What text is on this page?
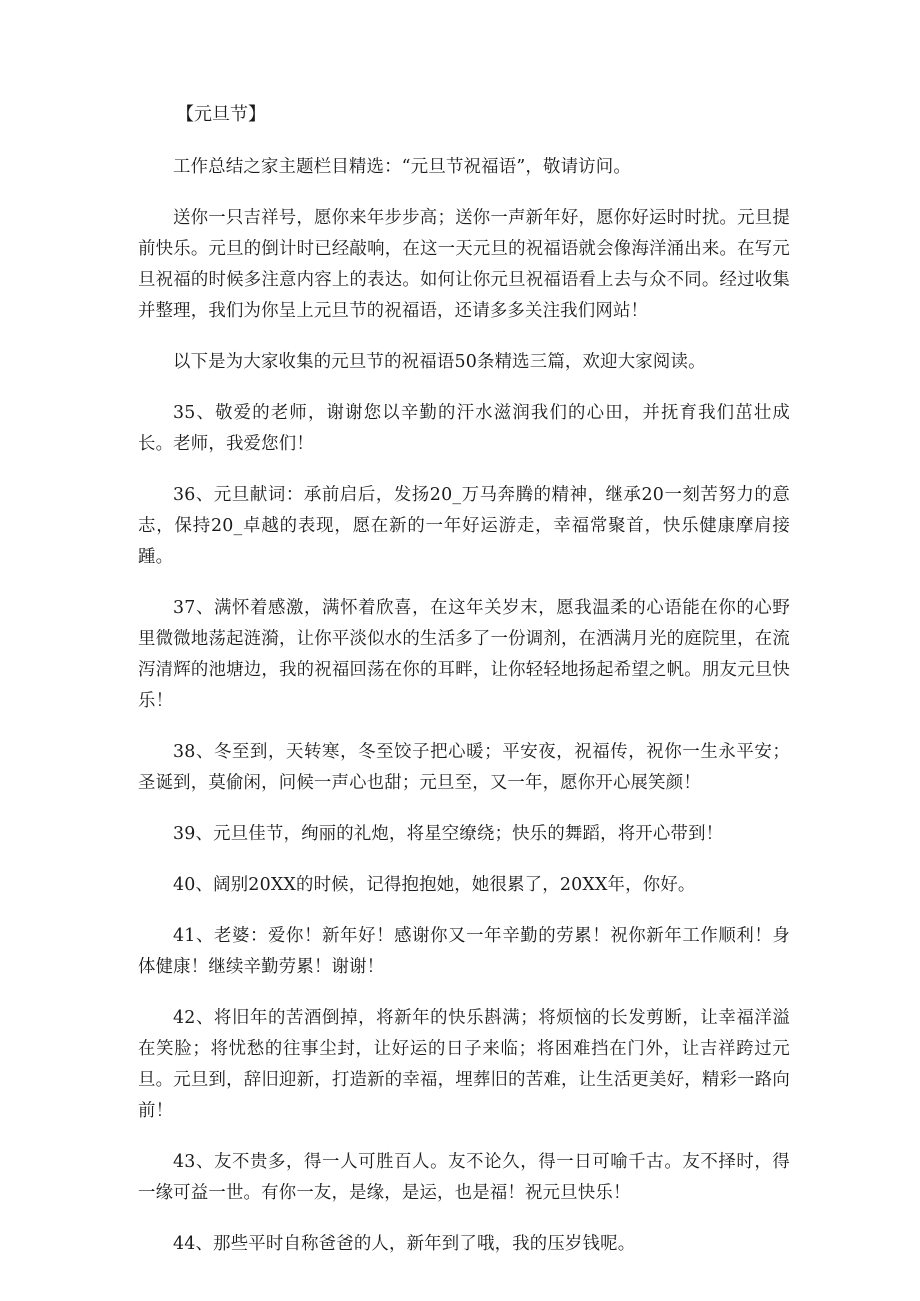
【元旦节】

工作总结之家主题栏目精选：“元旦节祝福语”，敬请访问。

送你一只吉祥号，愿你来年步步高；送你一声新年好，愿你好运时时扰。元旦提前快乐。元旦的倒计时已经敲响，在这一天元旦的祝福语就会像海洋涌出来。在写元旦祝福的时候多注意内容上的表达。如何让你元旦祝福语看上去与众不同。经过收集并整理，我们为你呈上元旦节的祝福语，还请多多关注我们网站！

以下是为大家收集的元旦节的祝福语50条精选三篇，欢迎大家阅读。

35、敬爱的老师，谢谢您以辛勤的汗水滋润我们的心田，并抚育我们茁壮成长。老师，我爱您们！

36、元旦献词：承前启后，发扬20_万马奔腾的精神，继承20一刻苦努力的意志，保持20_卓越的表现，愿在新的一年好运游走，幸福常聚首，快乐健康摩肩接踵。

37、满怀着感激，满怀着欣喜，在这年关岁末，愿我温柔的心语能在你的心野里微微地荡起涟漪，让你平淡似水的生活多了一份调剂，在洒满月光的庭院里，在流泻清辉的池塘边，我的祝福回荡在你的耳畔，让你轻轻地扬起希望之帆。朋友元旦快乐！

38、冬至到，天转寒，冬至饺子把心暖；平安夜，祝福传，祝你一生永平安；圣诞到，莫偷闲，问候一声心也甜；元旦至，又一年，愿你开心展笑颜！

39、元旦佳节，绚丽的礼炮，将星空缭绕；快乐的舞蹈，将开心带到！

40、阔别20XX的时候，记得抱抱她，她很累了，20XX年，你好。

41、老婆：爱你！新年好！感谢你又一年辛勤的劳累！祝你新年工作顺利！身体健康！继续辛勤劳累！谢谢！

42、将旧年的苦酒倒掉，将新年的快乐斟满；将烦恼的长发剪断，让幸福洋溢在笑脸；将忧愁的往事尘封，让好运的日子来临；将困难挡在门外，让吉祥跨过元旦。元旦到，辞旧迎新，打造新的幸福，埋葬旧的苦难，让生活更美好，精彩一路向前！

43、友不贵多，得一人可胜百人。友不论久，得一日可喻千古。友不择时，得一缘可益一世。有你一友，是缘，是运，也是福！祝元旦快乐！

44、那些平时自称爸爸的人，新年到了哦，我的压岁钱呢。
